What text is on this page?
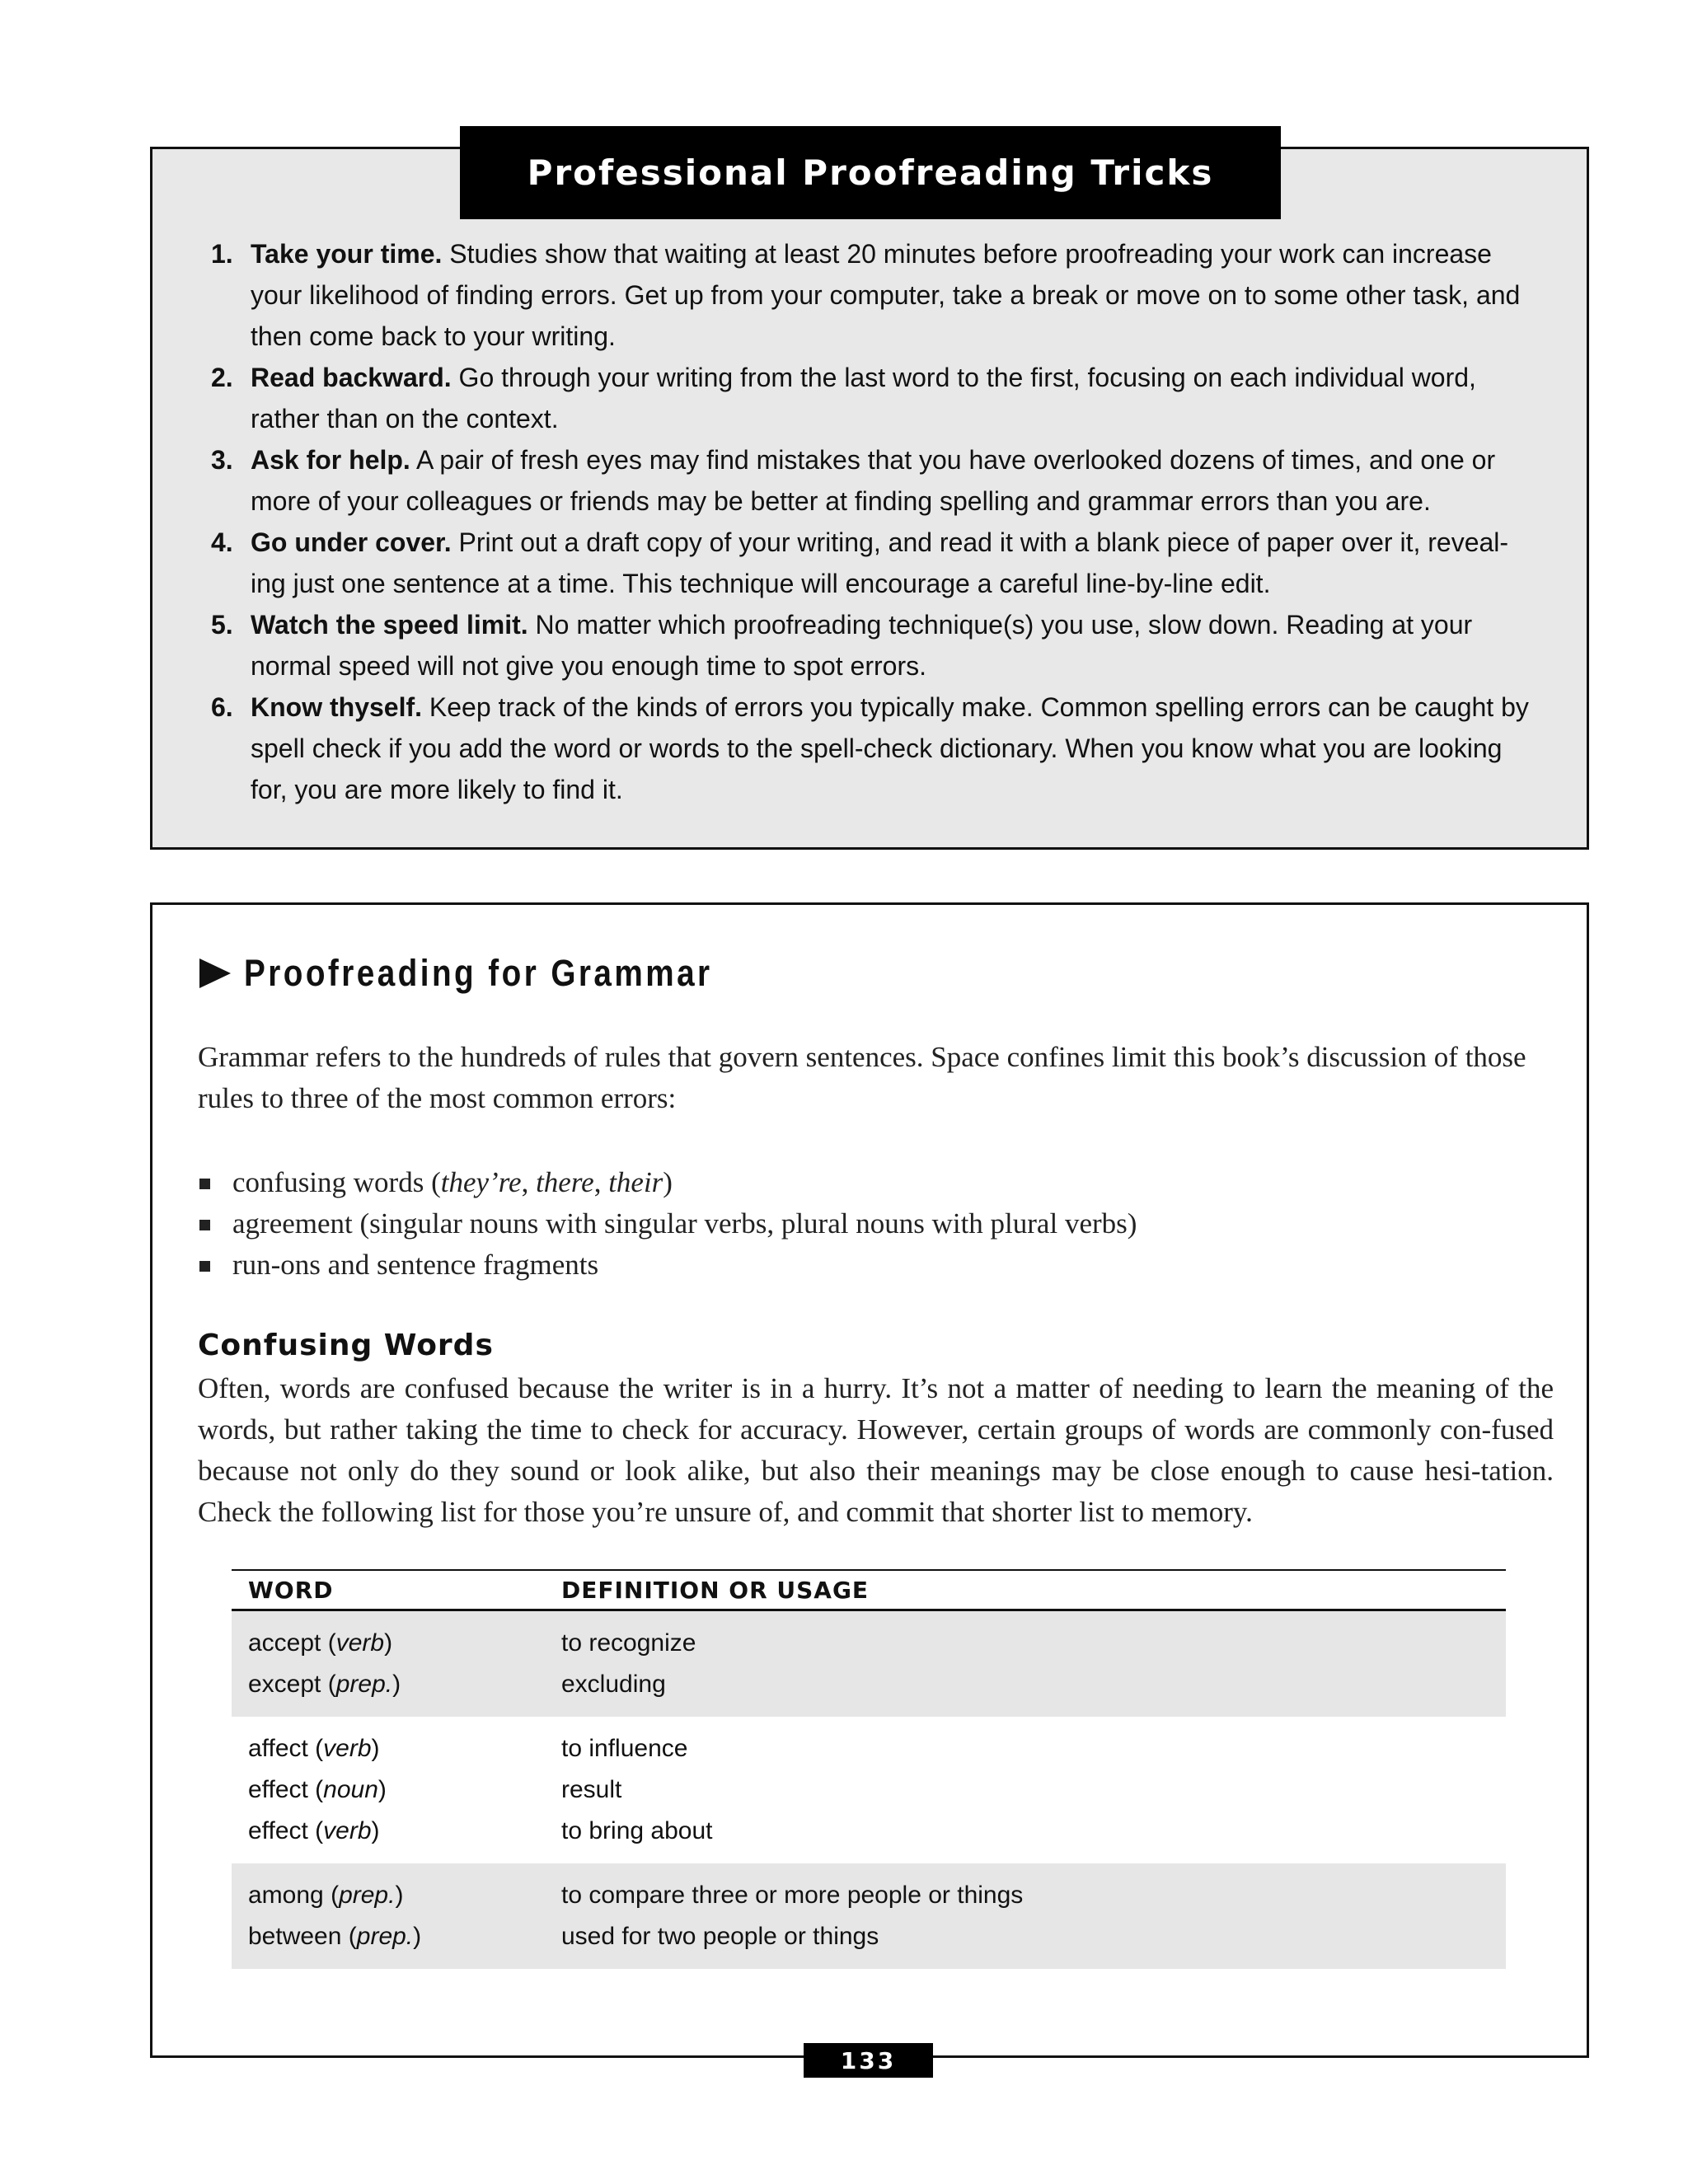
Professional Proofreading Tricks
1. Take your time. Studies show that waiting at least 20 minutes before proofreading your work can increase your likelihood of finding errors. Get up from your computer, take a break or move on to some other task, and then come back to your writing.
2. Read backward. Go through your writing from the last word to the first, focusing on each individual word, rather than on the context.
3. Ask for help. A pair of fresh eyes may find mistakes that you have overlooked dozens of times, and one or more of your colleagues or friends may be better at finding spelling and grammar errors than you are.
4. Go under cover. Print out a draft copy of your writing, and read it with a blank piece of paper over it, reveal-ing just one sentence at a time. This technique will encourage a careful line-by-line edit.
5. Watch the speed limit. No matter which proofreading technique(s) you use, slow down. Reading at your normal speed will not give you enough time to spot errors.
6. Know thyself. Keep track of the kinds of errors you typically make. Common spelling errors can be caught by spell check if you add the word or words to the spell-check dictionary. When you know what you are looking for, you are more likely to find it.
Proofreading for Grammar
Grammar refers to the hundreds of rules that govern sentences. Space confines limit this book’s discussion of those rules to three of the most common errors:
confusing words (they’re, there, their)
agreement (singular nouns with singular verbs, plural nouns with plural verbs)
run-ons and sentence fragments
Confusing Words
Often, words are confused because the writer is in a hurry. It’s not a matter of needing to learn the meaning of the words, but rather taking the time to check for accuracy. However, certain groups of words are commonly con-fused because not only do they sound or look alike, but also their meanings may be close enough to cause hesi-tation. Check the following list for those you’re unsure of, and commit that shorter list to memory.
WORD	DEFINITION OR USAGE
accept (verb)	to recognize
except (prep.)	excluding
affect (verb)	to influence
effect (noun)	result
effect (verb)	to bring about
among (prep.)	to compare three or more people or things
between (prep.)	used for two people or things
133
